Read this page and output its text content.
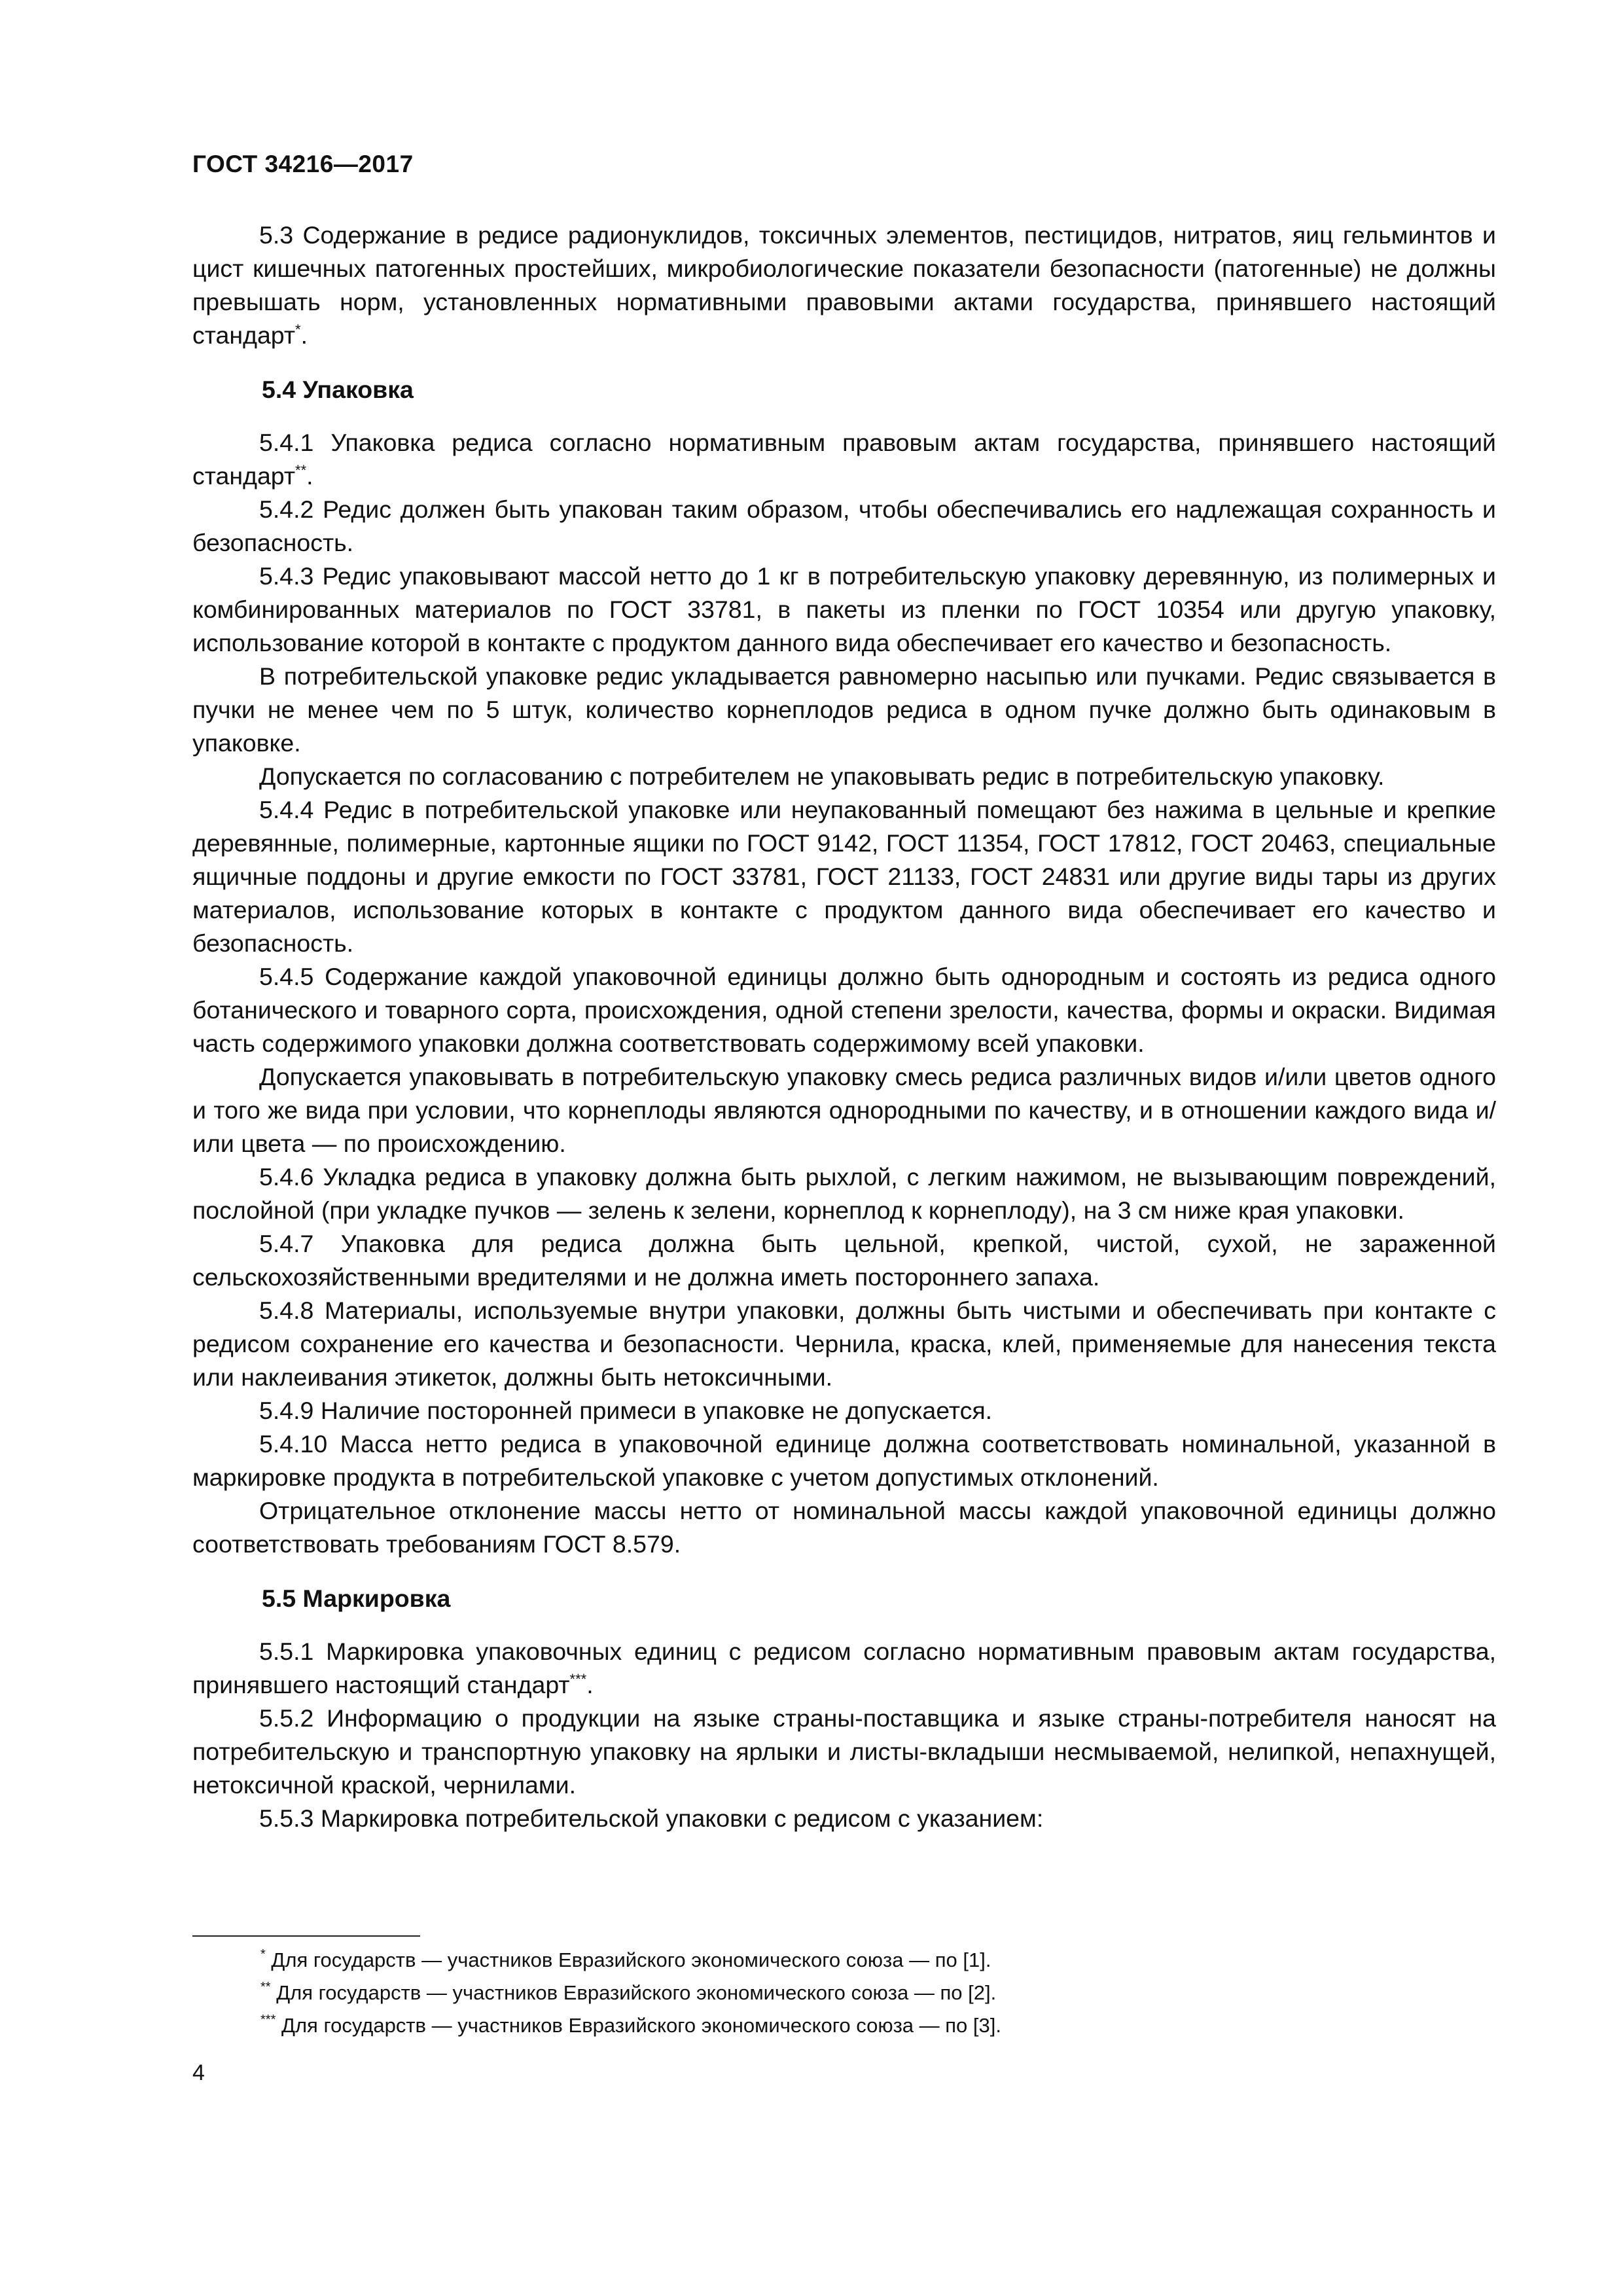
ГОСТ 34216—2017

5.3 Содержание в редисе радионуклидов, токсичных элементов, пестицидов, нитратов, яиц гельминтов и цист кишечных патогенных простейших, микробиологические показатели безопасности (патогенные) не должны превышать норм, установленных нормативными правовыми актами государства, принявшего настоящий стандарт*.

5.4 Упаковка

5.4.1 Упаковка редиса согласно нормативным правовым актам государства, принявшего настоящий стандарт**.

5.4.2 Редис должен быть упакован таким образом, чтобы обеспечивались его надлежащая сохранность и безопасность.

5.4.3 Редис упаковывают массой нетто до 1 кг в потребительскую упаковку деревянную, из полимерных и комбинированных материалов по ГОСТ 33781, в пакеты из пленки по ГОСТ 10354 или другую упаковку, использование которой в контакте с продуктом данного вида обеспечивает его качество и безопасность.

В потребительской упаковке редис укладывается равномерно насыпью или пучками. Редис связывается в пучки не менее чем по 5 штук, количество корнеплодов редиса в одном пучке должно быть одинаковым в упаковке.

Допускается по согласованию с потребителем не упаковывать редис в потребительскую упаковку.

5.4.4 Редис в потребительской упаковке или неупакованный помещают без нажима в цельные и крепкие деревянные, полимерные, картонные ящики по ГОСТ 9142, ГОСТ 11354, ГОСТ 17812, ГОСТ 20463, специальные ящичные поддоны и другие емкости по ГОСТ 33781, ГОСТ 21133, ГОСТ 24831 или другие виды тары из других материалов, использование которых в контакте с продуктом данного вида обеспечивает его качество и безопасность.

5.4.5 Содержание каждой упаковочной единицы должно быть однородным и состоять из редиса одного ботанического и товарного сорта, происхождения, одной степени зрелости, качества, формы и окраски. Видимая часть содержимого упаковки должна соответствовать содержимому всей упаковки.

Допускается упаковывать в потребительскую упаковку смесь редиса различных видов и/или цветов одного и того же вида при условии, что корнеплоды являются однородными по качеству, и в отношении каждого вида и/или цвета — по происхождению.

5.4.6 Укладка редиса в упаковку должна быть рыхлой, с легким нажимом, не вызывающим повреждений, послойной (при укладке пучков — зелень к зелени, корнеплод к корнеплоду), на 3 см ниже края упаковки.

5.4.7 Упаковка для редиса должна быть цельной, крепкой, чистой, сухой, не зараженной сельскохозяйственными вредителями и не должна иметь постороннего запаха.

5.4.8 Материалы, используемые внутри упаковки, должны быть чистыми и обеспечивать при контакте с редисом сохранение его качества и безопасности. Чернила, краска, клей, применяемые для нанесения текста или наклеивания этикеток, должны быть нетоксичными.

5.4.9 Наличие посторонней примеси в упаковке не допускается.

5.4.10 Масса нетто редиса в упаковочной единице должна соответствовать номинальной, указанной в маркировке продукта в потребительской упаковке с учетом допустимых отклонений.

Отрицательное отклонение массы нетто от номинальной массы каждой упаковочной единицы должно соответствовать требованиям ГОСТ 8.579.

5.5 Маркировка

5.5.1 Маркировка упаковочных единиц с редисом согласно нормативным правовым актам государства, принявшего настоящий стандарт***.

5.5.2 Информацию о продукции на языке страны-поставщика и языке страны-потребителя наносят на потребительскую и транспортную упаковку на ярлыки и листы-вкладыши несмываемой, нелипкой, непахнущей, нетоксичной краской, чернилами.

5.5.3 Маркировка потребительской упаковки с редисом с указанием:

* Для государств — участников Евразийского экономического союза — по [1].
** Для государств — участников Евразийского экономического союза — по [2].
*** Для государств — участников Евразийского экономического союза — по [3].
4
